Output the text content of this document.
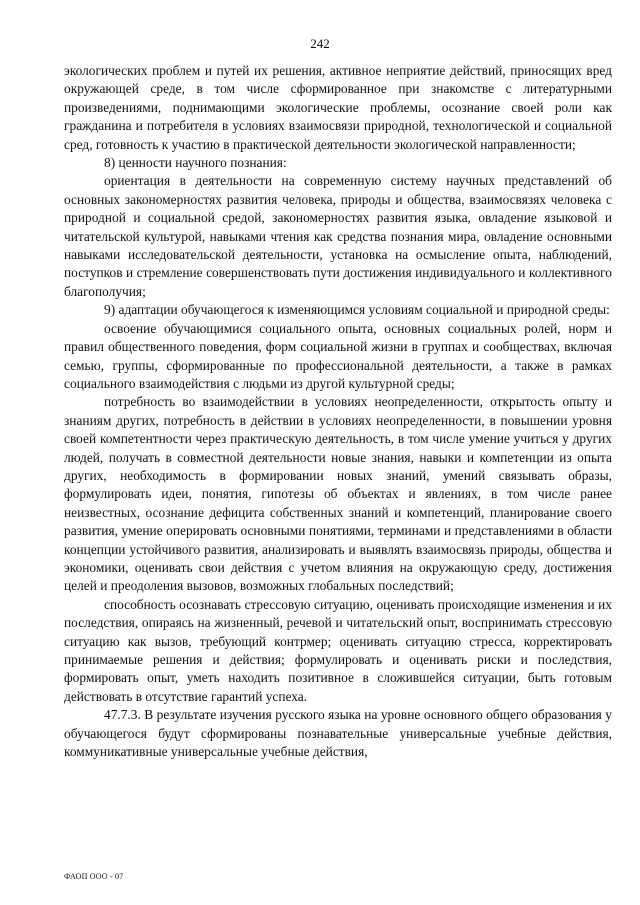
242

экологических проблем и путей их решения, активное неприятие действий, приносящих вред окружающей среде, в том числе сформированное при знакомстве с литературными произведениями, поднимающими экологические проблемы, осознание своей роли как гражданина и потребителя в условиях взаимосвязи природной, технологической и социальной сред, готовность к участию в практической деятельности экологической направленности;

8) ценности научного познания:

ориентация в деятельности на современную систему научных представлений об основных закономерностях развития человека, природы и общества, взаимосвязях человека с природной и социальной средой, закономерностях развития языка, овладение языковой и читательской культурой, навыками чтения как средства познания мира, овладение основными навыками исследовательской деятельности, установка на осмысление опыта, наблюдений, поступков и стремление совершенствовать пути достижения индивидуального и коллективного благополучия;

9) адаптации обучающегося к изменяющимся условиям социальной и природной среды:

освоение обучающимися социального опыта, основных социальных ролей, норм и правил общественного поведения, форм социальной жизни в группах и сообществах, включая семью, группы, сформированные по профессиональной деятельности, а также в рамках социального взаимодействия с людьми из другой культурной среды;

потребность во взаимодействии в условиях неопределенности, открытость опыту и знаниям других, потребность в действии в условиях неопределенности, в повышении уровня своей компетентности через практическую деятельность, в том числе умение учиться у других людей, получать в совместной деятельности новые знания, навыки и компетенции из опыта других, необходимость в формировании новых знаний, умений связывать образы, формулировать идеи, понятия, гипотезы об объектах и явлениях, в том числе ранее неизвестных, осознание дефицита собственных знаний и компетенций, планирование своего развития, умение оперировать основными понятиями, терминами и представлениями в области концепции устойчивого развития, анализировать и выявлять взаимосвязь природы, общества и экономики, оценивать свои действия с учетом влияния на окружающую среду, достижения целей и преодоления вызовов, возможных глобальных последствий;

способность осознавать стрессовую ситуацию, оценивать происходящие изменения и их последствия, опираясь на жизненный, речевой и читательский опыт, воспринимать стрессовую ситуацию как вызов, требующий контрмер; оценивать ситуацию стресса, корректировать принимаемые решения и действия; формулировать и оценивать риски и последствия, формировать опыт, уметь находить позитивное в сложившейся ситуации, быть готовым действовать в отсутствие гарантий успеха.

47.7.3. В результате изучения русского языка на уровне основного общего образования у обучающегося будут сформированы познавательные универсальные учебные действия, коммуникативные универсальные учебные действия,

ФАОП ООО - 07
